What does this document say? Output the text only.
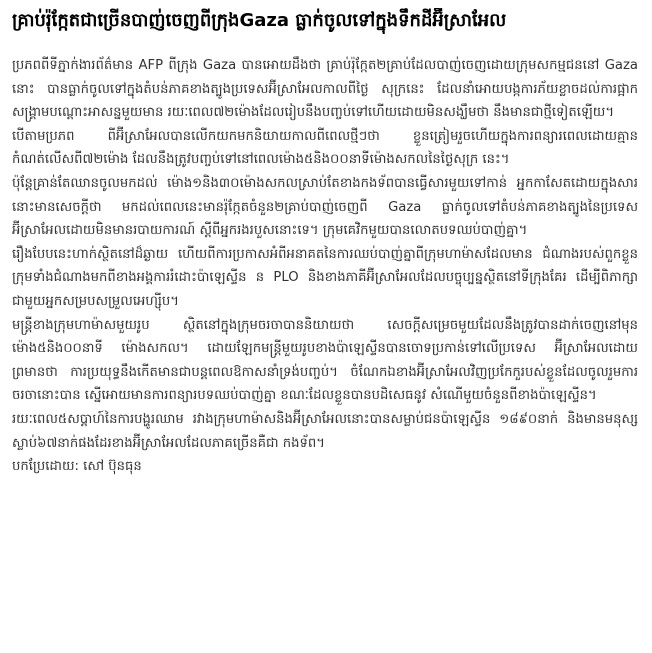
គ្រាប់រ៉ុក្កែតជាច្រើនបាញ់ចេញពីក្រុងGaza ធ្លាក់ចូលទៅក្នុងទឹកដីអ៊ីស្រាអែល

ប្រភពពីទីភ្នាក់ងារព័ត៌មាន AFP ពីក្រុង Gaza បានអោយដឹងថា គ្រាប់រ៉ុក្កែត២គ្រាប់ដែលបាញ់ចេញដោយក្រុមសកម្មជននៅ Gaza នោះ បានធ្លាក់ចូលទៅក្នុងតំបន់ភាគខាងត្បូងប្រទេសអ៊ីស្រាអែលកាលពីថ្ងៃ សុក្រនេះ ដែលនាំអោយបង្កការភ័យខ្លាចដល់ការផ្អាកសង្គ្រាមបណ្ដោះអាសន្នមួយមាន រយៈពេល៧២ម៉ោងដែលរៀបនឹងបញ្ចប់ទៅហើយដោយមិនសង្ឃឹមថា នឹងមានជាថ្មីទៀតឡើយ។

បើតាមប្រភព ពីអ៊ីស្រាអែលបានលើកយកមកនិយាយកាលពីពេលថ្មីៗថា ខ្លួនត្រៀមរួចហើយក្នុងការពន្យារពេលដោយគ្មានកំណត់លើសពី៧២ម៉ោង ដែលនឹងត្រូវបញ្ចប់ទៅនៅពេលម៉ោង៥និង០០នាទីម៉ោងសកលនៃថ្ងៃសុក្រ នេះ។

ប៉ុន្តែគ្រាន់តែឈានចូលមកដល់ ម៉ោង១និង៣០ម៉ោងសកលស្រាប់តែខាងកងទ័ពបានធ្វើសារមួយទៅកាន់ អ្នកកាសែតដោយក្នុងសារនោះមានសេចក្ដីថា មកដល់ពេលនេះមានរ៉ុក្កែតចំនួន២គ្រាប់បាញ់ចេញពី Gaza ធ្លាក់ចូលទៅតំបន់ភាគខាងត្បូងនៃប្រទេសអ៊ីស្រាអែលដោយមិនមានរបាយការណ៍ ស្ដីពីអ្នករងរបួសនោះទេ។ ក្រុមគេវិកមួយបានលោតបទឈប់បាញ់គ្នា។

រឿងបែបនេះហាក់ស្ថិតនៅដ៏ឆ្ងាយ ហើយពីការប្រកាសអំពីអនាគតនៃការឈប់បាញ់គ្នាពីក្រុមហាម៉ាសដែលមាន ជំណាងរបស់ពួកខ្លួនក្រុមទាំងជំណាងមកពីខាងអង្គការរំដោះប៉ាឡេស្ទីន ន PLO និងខាងភាគីអ៊ីស្រាអែលដែលបច្ចុប្បន្នស្ថិតនៅទីក្រុងគែរ ដើម្បីពិភាក្សាជាមួយអ្នកសម្របសម្រួលអេហ្ស៊ីប។

មន្ត្រីខាងក្រុមហាម៉ាសមួយរូប ស្ថិតនៅក្នុងក្រុមចរចាបាននិយាយថា សេចក្ដីសម្រេចមួយដែលនឹងត្រូវបានដាក់ចេញនៅមុនម៉ោង៥និង០០នាទី ម៉ោងសកល។ ដោយឡែកមន្ត្រីមួយរូបខាងប៉ាឡេស្ទីនបានចោទប្រកាន់ទៅលើប្រទេស អ៊ីស្រាអែលដោយព្រមានថា ការប្រយុទ្ធនឹងកើតមានជាបន្តពេលឱកាសនាំទ្រង់បញ្ចប់។ ចំណែកឯខាងអ៊ីស្រាអែលវិញប្រកែកួរបស់ខ្លួនដែលចូលរួមការចរចានោះបាន ស្នើអោយមានការពន្យារបទឈប់បាញ់គ្នា ខណៈដែលខ្លួនបានបដិសេធនូវ សំណើមួយចំនួនពីខាងប៉ាឡេស្ទីន។

រយៈពេល៥សប្ដាហ៍នៃការបង្ហូរឈាម រវាងក្រុមហាម៉ាសនិងអ៊ីស្រាអែលនោះបានសម្លាប់ជនប៉ាឡេស្ទីន ១៨៩០នាក់ និងមានមនុស្សស្លាប់៦៧នាក់ផងដែរខាងអ៊ីស្រាអែលដែលភាគច្រើនគឺជា កងទ័ព។

បកប្រែដោយ: សៅ ប៊ុនធុន
